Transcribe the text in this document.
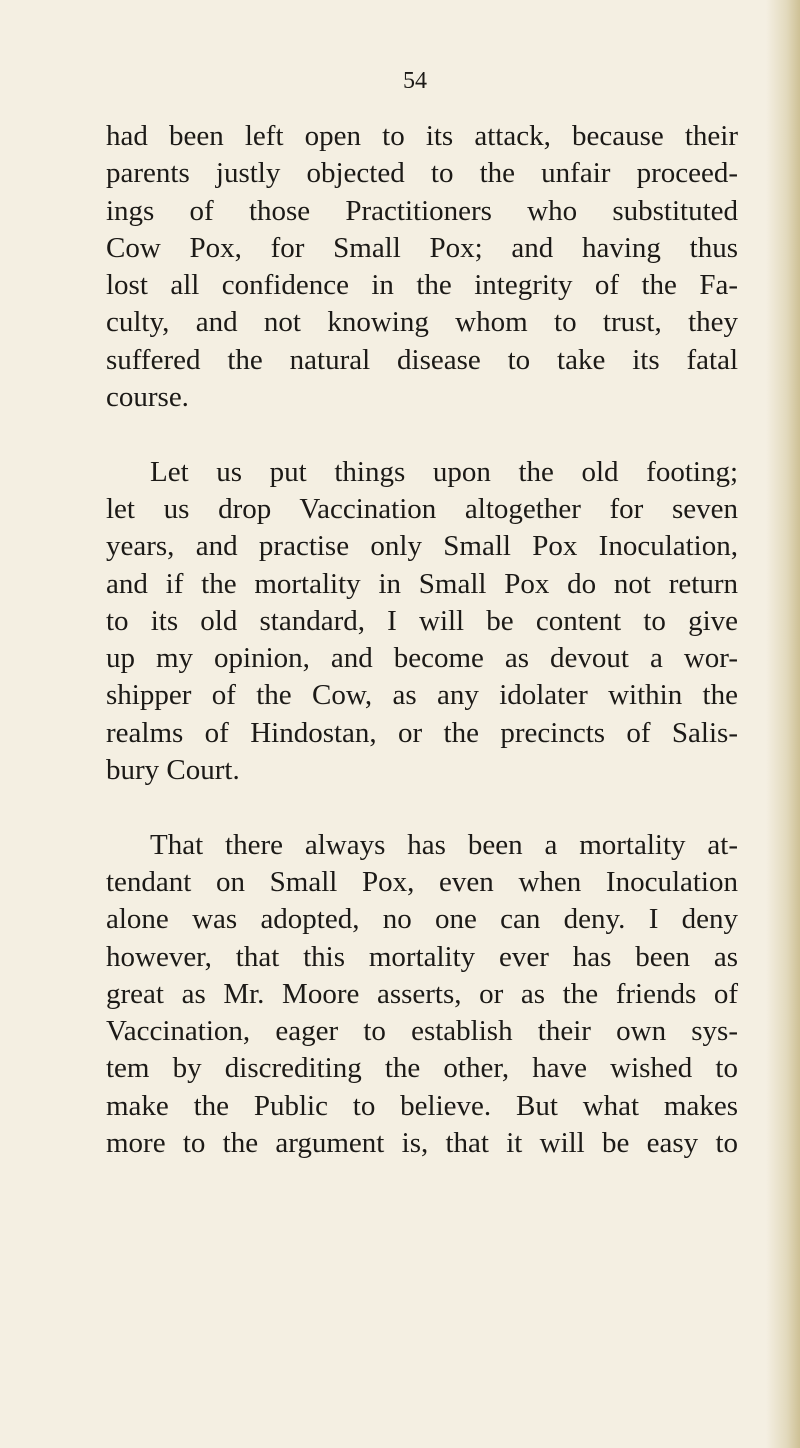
54
had been left open to its attack, because their
parents justly objected to the unfair proceed-
ings of those Practitioners who substituted
Cow Pox, for Small Pox; and having thus
lost all confidence in the integrity of the Fa-
culty, and not knowing whom to trust, they
suffered the natural disease to take its fatal
course.
Let us put things upon the old footing;
let us drop Vaccination altogether for seven
years, and practise only Small Pox Inoculation,
and if the mortality in Small Pox do not return
to its old standard, I will be content to give
up my opinion, and become as devout a wor-
shipper of the Cow, as any idolater within the
realms of Hindostan, or the precincts of Salis-
bury Court.
That there always has been a mortality at-
tendant on Small Pox, even when Inoculation
alone was adopted, no one can deny. I deny
however, that this mortality ever has been as
great as Mr. Moore asserts, or as the friends of
Vaccination, eager to establish their own sys-
tem by discrediting the other, have wished to
make the Public to believe. But what makes
more to the argument is, that it will be easy to
